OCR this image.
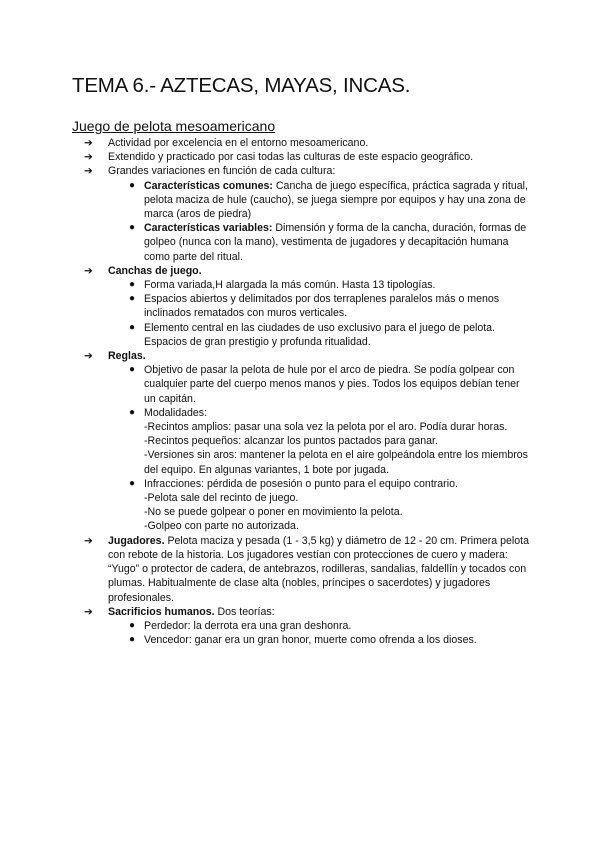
TEMA 6.- AZTECAS, MAYAS, INCAS.
Juego de pelota mesoamericano
➔ Actividad por excelencia en el entorno mesoamericano.
➔ Extendido y practicado por casi todas las culturas de este espacio geográfico.
➔ Grandes variaciones en función de cada cultura:
● Características comunes: Cancha de juego específica, práctica sagrada y ritual, pelota maciza de hule (caucho), se juega siempre por equipos y hay una zona de marca (aros de piedra)
● Características variables: Dimensión y forma de la cancha, duración, formas de golpeo (nunca con la mano), vestimenta de jugadores y decapitación humana como parte del ritual.
➔ Canchas de juego.
● Forma variada,H alargada la más común. Hasta 13 tipologías.
● Espacios abiertos y delimitados por dos terraplenes paralelos más o menos inclinados rematados con muros verticales.
● Elemento central en las ciudades de uso exclusivo para el juego de pelota. Espacios de gran prestigio y profunda ritualidad.
➔ Reglas.
● Objetivo de pasar la pelota de hule por el arco de piedra. Se podía golpear con cualquier parte del cuerpo menos manos y pies. Todos los equipos debían tener un capitán.
● Modalidades:
-Recintos amplios: pasar una sola vez la pelota por el aro. Podía durar horas.
-Recintos pequeños: alcanzar los puntos pactados para ganar.
-Versiones sin aros: mantener la pelota en el aire golpeándola entre los miembros del equipo. En algunas variantes, 1 bote por jugada.
● Infracciones: pérdida de posesión o punto para el equipo contrario.
-Pelota sale del recinto de juego.
-No se puede golpear o poner en movimiento la pelota.
-Golpeo con parte no autorizada.
➔ Jugadores. Pelota maciza y pesada (1 - 3,5 kg) y diámetro de 12 - 20 cm. Primera pelota con rebote de la historia. Los jugadores vestían con protecciones de cuero y madera: “Yugo” o protector de cadera, de antebrazos, rodilleras, sandalias, faldellín y tocados con plumas. Habitualmente de clase alta (nobles, príncipes o sacerdotes) y jugadores profesionales.
➔ Sacrificios humanos. Dos teorías:
● Perdedor: la derrota era una gran deshonra.
● Vencedor: ganar era un gran honor, muerte como ofrenda a los dioses.
